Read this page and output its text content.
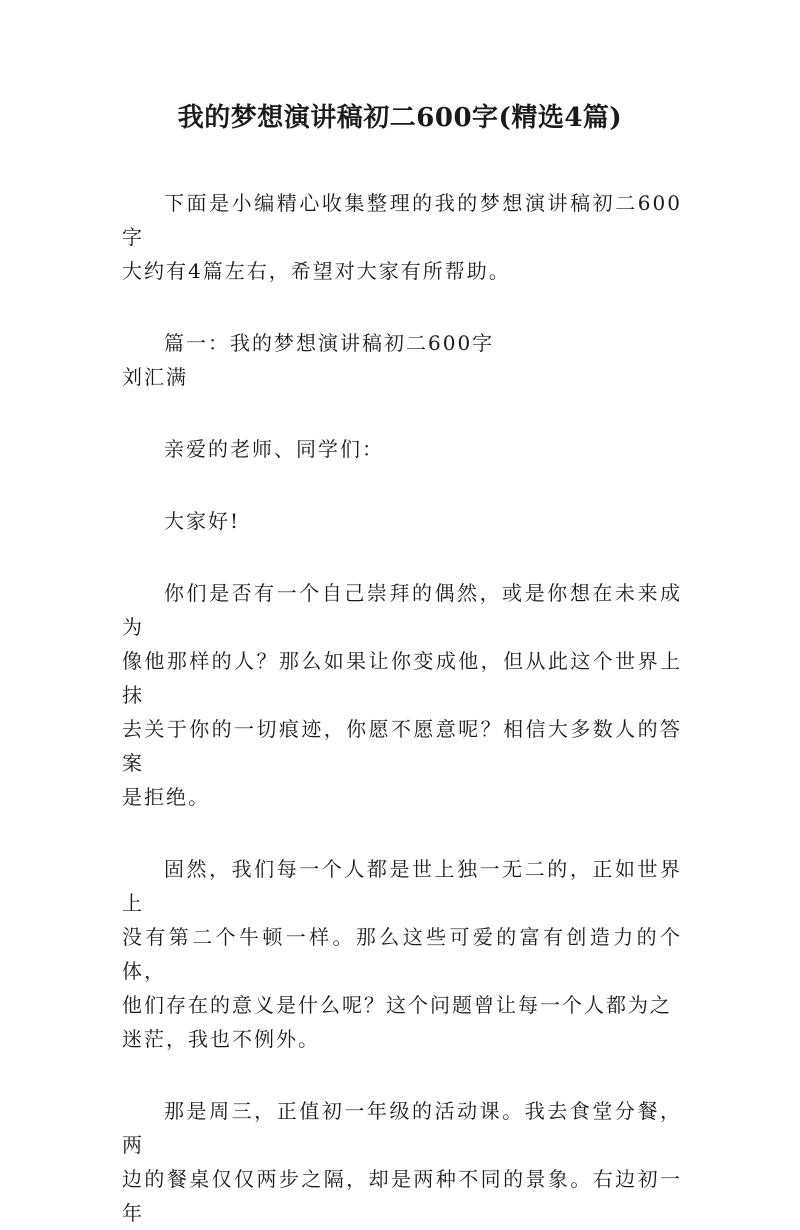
我的梦想演讲稿初二600字(精选4篇)

下面是小编精心收集整理的我的梦想演讲稿初二600字

大约有4篇左右，希望对大家有所帮助。

篇一：我的梦想演讲稿初二600字

刘汇满

亲爱的老师、同学们：

大家好!

你们是否有一个自己崇拜的偶然，或是你想在未来成为

像他那样的人？那么如果让你变成他，但从此这个世界上抹

去关于你的一切痕迹，你愿不愿意呢？相信大多数人的答案

是拒绝。

固然，我们每一个人都是世上独一无二的，正如世界上

没有第二个牛顿一样。那么这些可爱的富有创造力的个体，

他们存在的意义是什么呢？这个问题曾让每一个人都为之

迷茫，我也不例外。

那是周三，正值初一年级的活动课。我去食堂分餐，两

边的餐桌仅仅两步之隔，却是两种不同的景象。右边初一年
